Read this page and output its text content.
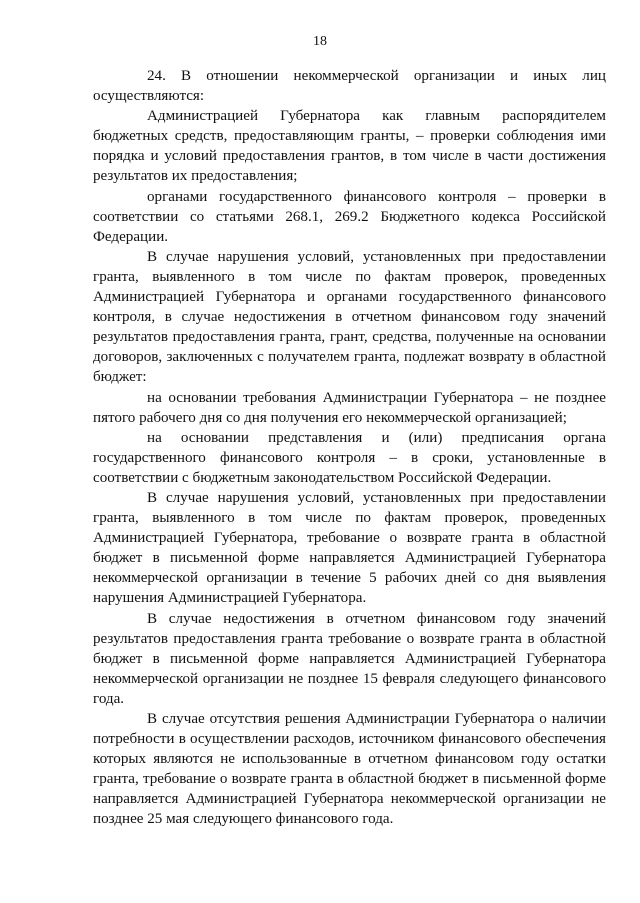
18

24. В отношении некоммерческой организации и иных лиц осуществляются:

Администрацией Губернатора как главным распорядителем бюджетных средств, предоставляющим гранты, – проверки соблюдения ими порядка и условий предоставления грантов, в том числе в части достижения результатов их предоставления;

органами государственного финансового контроля – проверки в соответствии со статьями 268.1, 269.2 Бюджетного кодекса Российской Федерации.

В случае нарушения условий, установленных при предоставлении гранта, выявленного в том числе по фактам проверок, проведенных Администрацией Губернатора и органами государственного финансового контроля, в случае недостижения в отчетном финансовом году значений результатов предоставления гранта, грант, средства, полученные на основании договоров, заключенных с получателем гранта, подлежат возврату в областной бюджет:

на основании требования Администрации Губернатора – не позднее пятого рабочего дня со дня получения его некоммерческой организацией;

на основании представления и (или) предписания органа государственного финансового контроля – в сроки, установленные в соответствии с бюджетным законодательством Российской Федерации.

В случае нарушения условий, установленных при предоставлении гранта, выявленного в том числе по фактам проверок, проведенных Администрацией Губернатора, требование о возврате гранта в областной бюджет в письменной форме направляется Администрацией Губернатора некоммерческой организации в течение 5 рабочих дней со дня выявления нарушения Администрацией Губернатора.

В случае недостижения в отчетном финансовом году значений результатов предоставления гранта требование о возврате гранта в областной бюджет в письменной форме направляется Администрацией Губернатора некоммерческой организации не позднее 15 февраля следующего финансового года.

В случае отсутствия решения Администрации Губернатора о наличии потребности в осуществлении расходов, источником финансового обеспечения которых являются не использованные в отчетном финансовом году остатки гранта, требование о возврате гранта в областной бюджет в письменной форме направляется Администрацией Губернатора некоммерческой организации не позднее 25 мая следующего финансового года.
